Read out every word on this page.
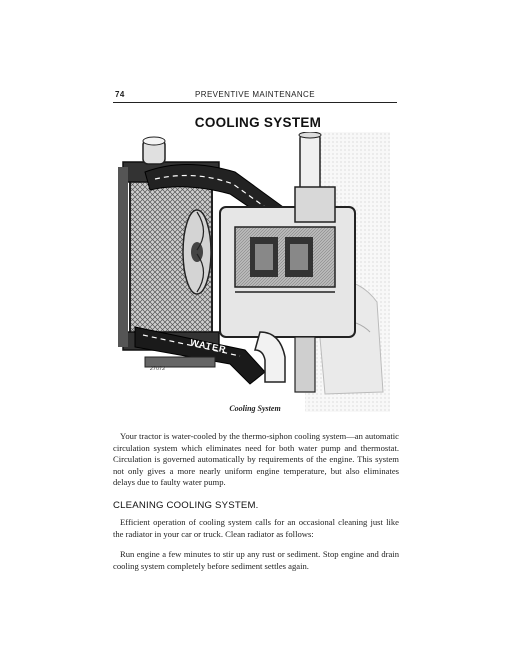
74	PREVENTIVE MAINTENANCE
COOLING SYSTEM
WATER
27072
Cooling System

Your tractor is water-cooled by the thermo-siphon cooling system—an automatic circulation system which eliminates need for both water pump and thermostat. Circulation is governed automatically by requirements of the engine. This system not only gives a more nearly uniform engine temperature, but also eliminates delays due to faulty water pump.

CLEANING COOLING SYSTEM.

Efficient operation of cooling system calls for an occasional cleaning just like the radiator in your car or truck. Clean radiator as follows:

Run engine a few minutes to stir up any rust or sediment. Stop engine and drain cooling system completely before sediment settles again.
